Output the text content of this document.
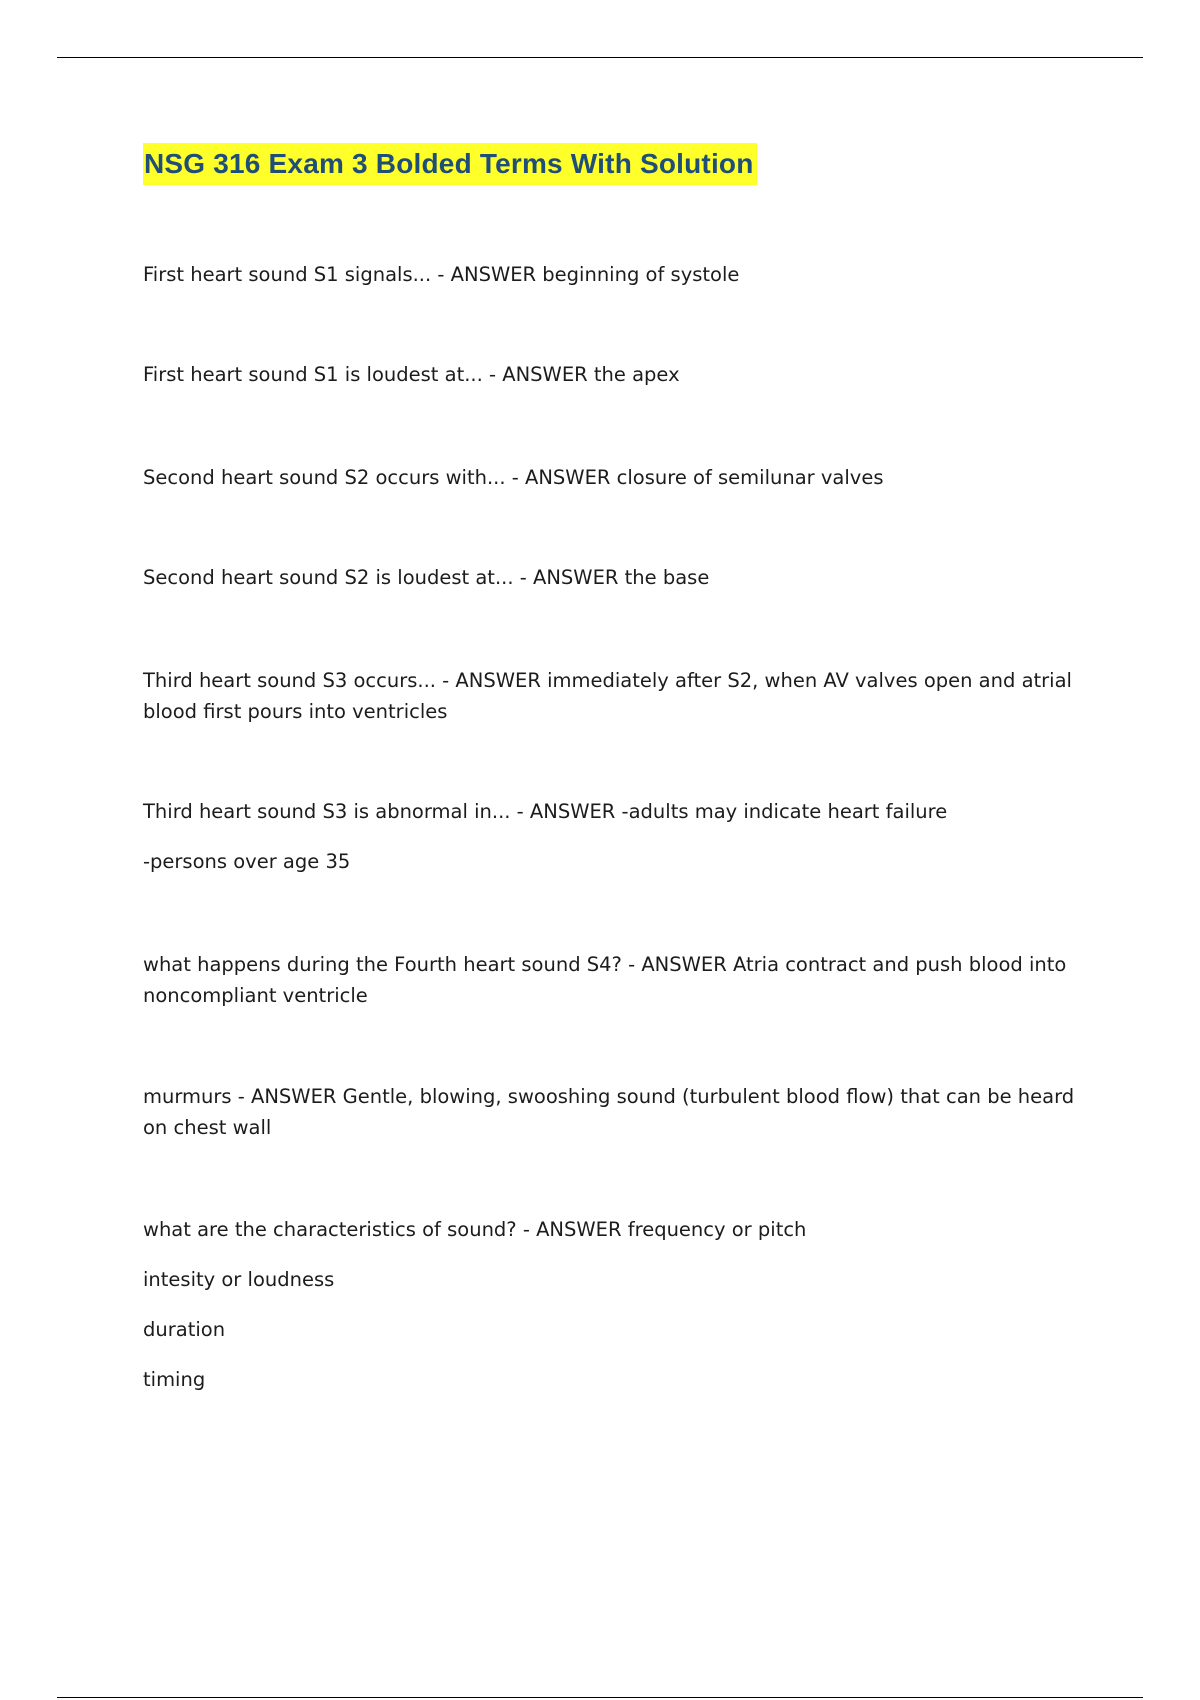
NSG 316 Exam 3 Bolded Terms With Solution

First heart sound S1 signals... - ANSWER beginning of systole

First heart sound S1 is loudest at... - ANSWER the apex

Second heart sound S2 occurs with... - ANSWER closure of semilunar valves

Second heart sound S2 is loudest at... - ANSWER the base

Third heart sound S3 occurs... - ANSWER immediately after S2, when AV valves open and atrial blood first pours into ventricles

Third heart sound S3 is abnormal in... - ANSWER -adults may indicate heart failure

-persons over age 35

what happens during the Fourth heart sound S4? - ANSWER Atria contract and push blood into noncompliant ventricle

murmurs - ANSWER Gentle, blowing, swooshing sound (turbulent blood flow) that can be heard on chest wall

what are the characteristics of sound? - ANSWER frequency or pitch

intesity or loudness

duration

timing
